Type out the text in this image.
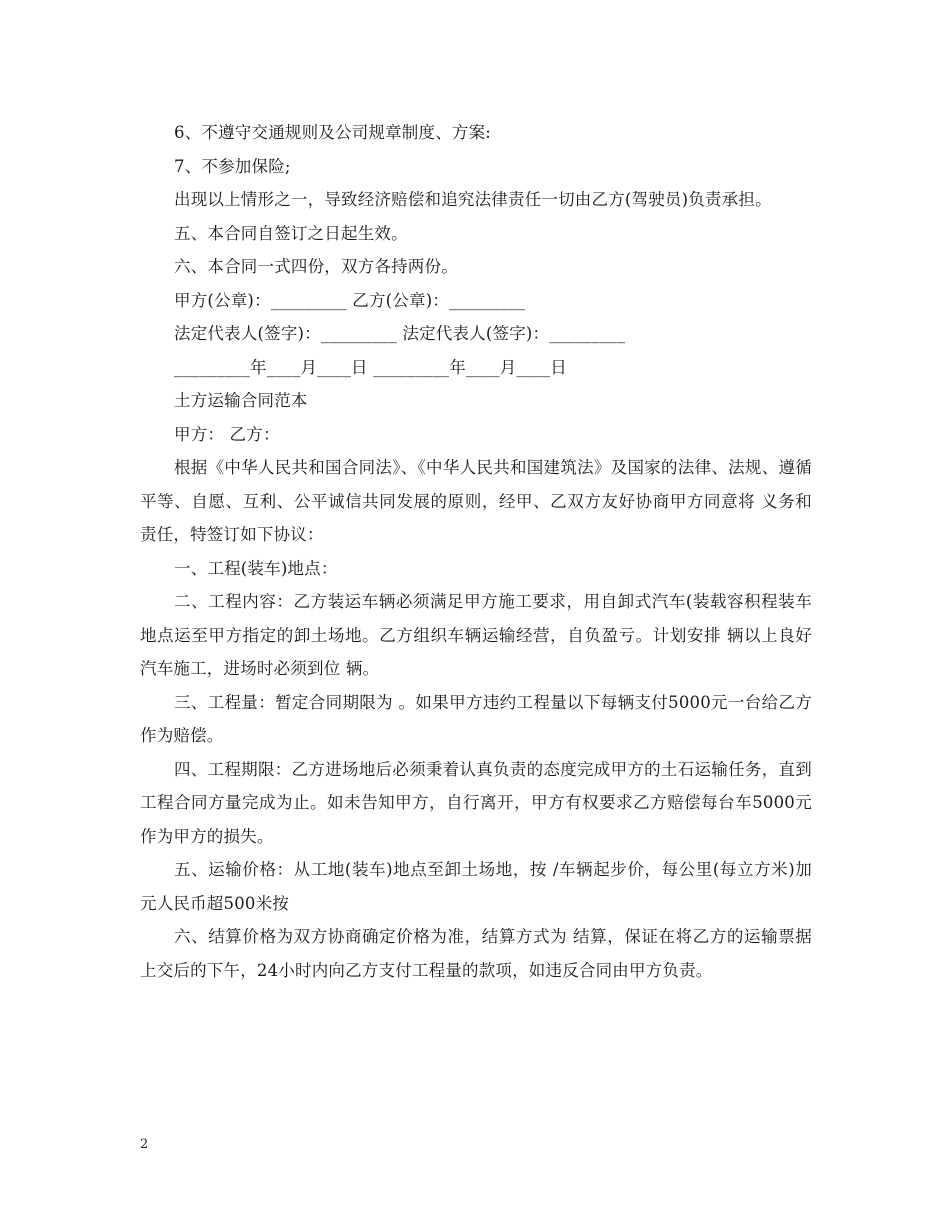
6、不遵守交通规则及公司规章制度、方案:

7、不参加保险;

出现以上情形之一，导致经济赔偿和追究法律责任一切由乙方(驾驶员)负责承担。

五、本合同自签订之日起生效。

六、本合同一式四份，双方各持两份。

甲方(公章)：_________ 乙方(公章)：_________

法定代表人(签字)：_________ 法定代表人(签字)：_________

_________年____月____日 _________年____月____日

土方运输合同范本

甲方： 乙方：

根据《中华人民共和国合同法》、《中华人民共和国建筑法》及国家的法律、法规、遵循平等、自愿、互利、公平诚信共同发展的原则，经甲、乙双方友好协商甲方同意将 义务和责任，特签订如下协议：

一、工程(装车)地点：

二、工程内容：乙方装运车辆必须满足甲方施工要求，用自卸式汽车(装载容积程装车地点运至甲方指定的卸土场地。乙方组织车辆运输经营，自负盈亏。计划安排 辆以上良好汽车施工，进场时必须到位 辆。

三、工程量：暂定合同期限为 。如果甲方违约工程量以下每辆支付5000元一台给乙方作为赔偿。

四、工程期限：乙方进场地后必须秉着认真负责的态度完成甲方的土石运输任务，直到工程合同方量完成为止。如未告知甲方，自行离开，甲方有权要求乙方赔偿每台车5000元作为甲方的损失。

五、运输价格：从工地(装车)地点至卸土场地，按 /车辆起步价，每公里(每立方米)加元人民币超500米按

六、结算价格为双方协商确定价格为准，结算方式为 结算，保证在将乙方的运输票据上交后的下午，24小时内向乙方支付工程量的款项，如违反合同由甲方负责。

2
